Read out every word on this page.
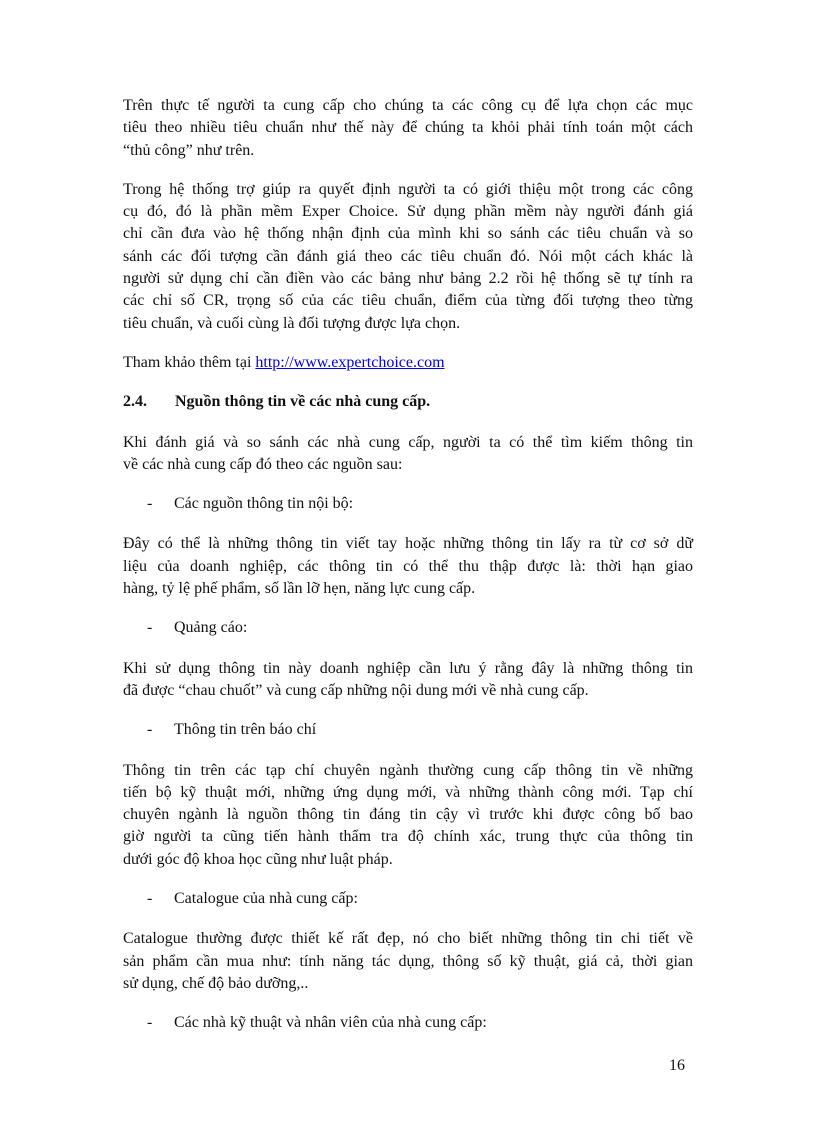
Trên thực tế người ta cung cấp cho chúng ta các công cụ để lựa chọn các mục
tiêu theo nhiều tiêu chuẩn như thế này để chúng ta khỏi phải tính toán một cách
“thủ công” như trên.

Trong hệ thống trợ giúp ra quyết định người ta có giới thiệu một trong các công
cụ đó, đó là phần mềm Exper Choice. Sử dụng phần mềm này người đánh giá
chỉ cần đưa vào hệ thống nhận định của mình khi so sánh các tiêu chuẩn và so
sánh các đối tượng cần đánh giá theo các tiêu chuẩn đó. Nói một cách khác là
người sử dụng chỉ cần điền vào các bảng như bảng 2.2 rồi hệ thống sẽ tự tính ra
các chỉ số CR, trọng số của các tiêu chuẩn, điểm của từng đối tượng theo từng
tiêu chuẩn, và cuối cùng là đối tượng được lựa chọn.

Tham khảo thêm tại http://www.expertchoice.com

2.4. Nguồn thông tin về các nhà cung cấp.

Khi đánh giá và so sánh các nhà cung cấp, người ta có thể tìm kiếm thông tin
về các nhà cung cấp đó theo các nguồn sau:

- Các nguồn thông tin nội bộ:

Đây có thể là những thông tin viết tay hoặc những thông tin lấy ra từ cơ sở dữ
liệu của doanh nghiệp, các thông tin có thể thu thập được là: thời hạn giao
hàng, tỷ lệ phế phẩm, số lần lỡ hẹn, năng lực cung cấp.

- Quảng cáo:

Khi sử dụng thông tin này doanh nghiệp cần lưu ý rằng đây là những thông tin
đã được “chau chuốt” và cung cấp những nội dung mới về nhà cung cấp.

- Thông tin trên báo chí

Thông tin trên các tạp chí chuyên ngành thường cung cấp thông tin về những
tiến bộ kỹ thuật mới, những ứng dụng mới, và những thành công mới. Tạp chí
chuyên ngành là nguồn thông tin đáng tin cậy vì trước khi được công bố bao
giờ người ta cũng tiến hành thẩm tra độ chính xác, trung thực của thông tin
dưới góc độ khoa học cũng như luật pháp.

- Catalogue của nhà cung cấp:

Catalogue thường được thiết kế rất đẹp, nó cho biết những thông tin chi tiết về
sản phẩm cần mua như: tính năng tác dụng, thông số kỹ thuật, giá cả, thời gian
sử dụng, chế độ bảo dưỡng,..

- Các nhà kỹ thuật và nhân viên của nhà cung cấp:

16
